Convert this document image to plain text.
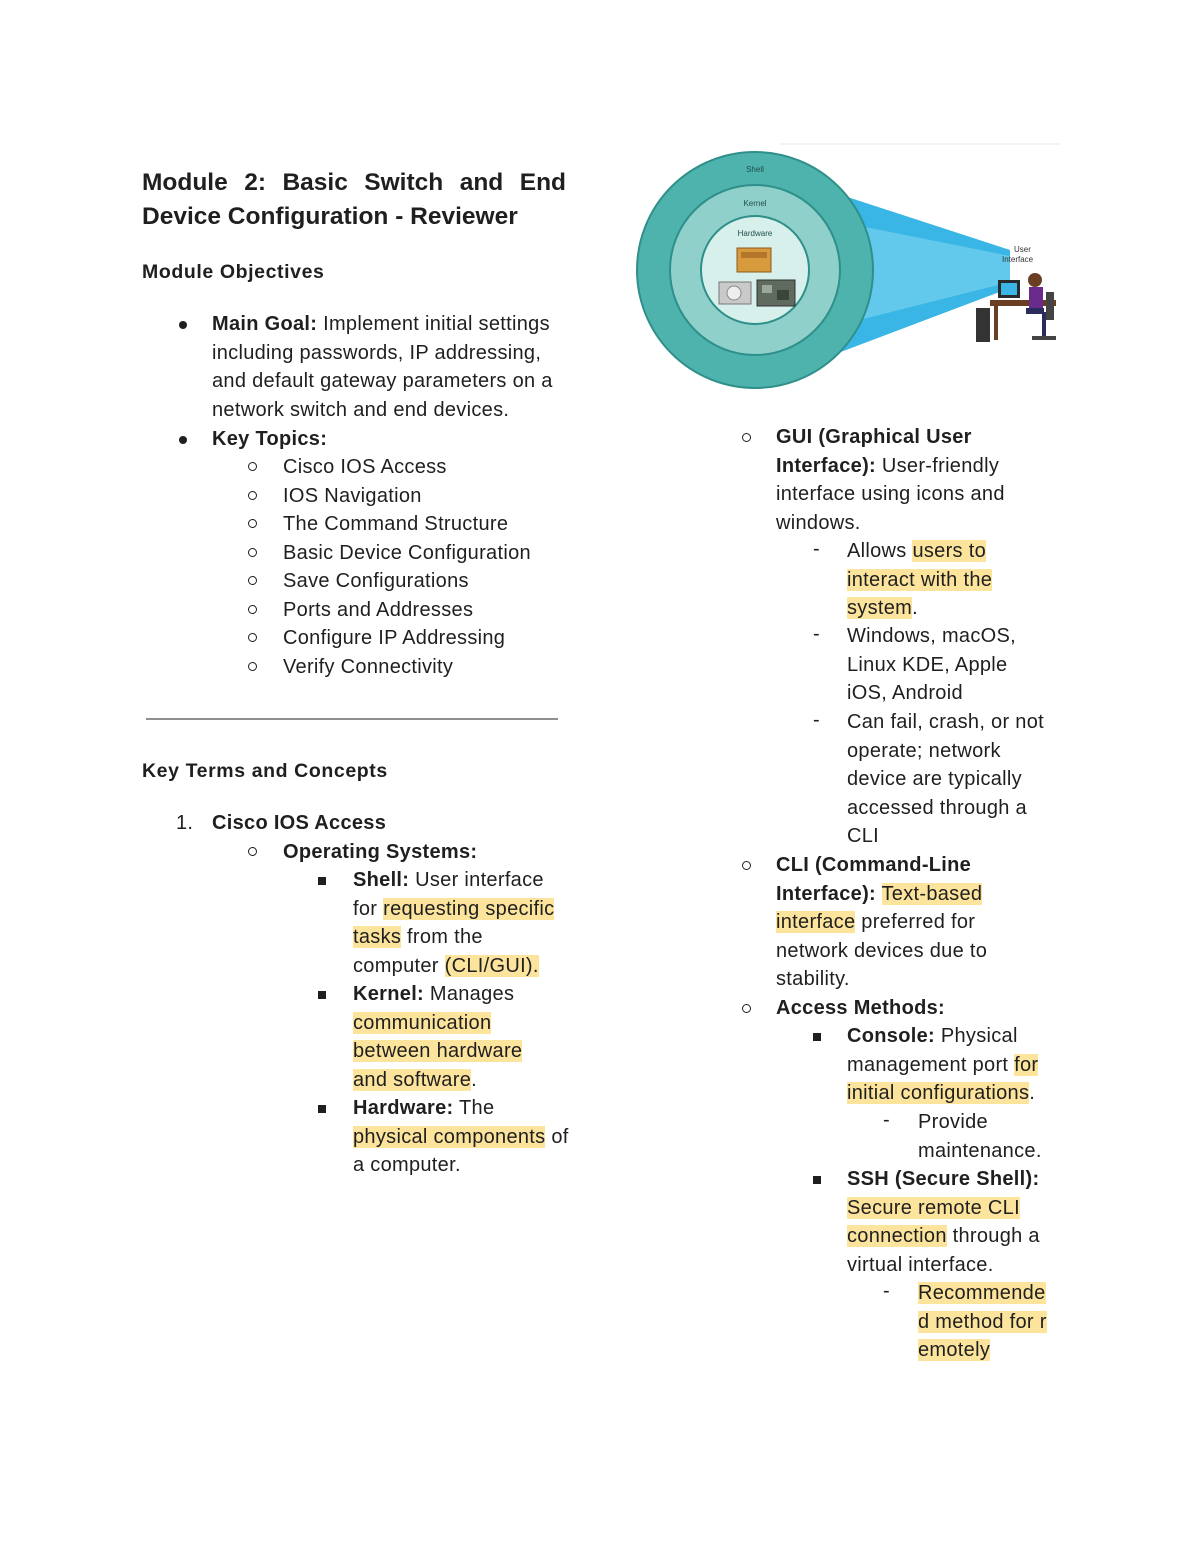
Module 2: Basic Switch and End Device Configuration - Reviewer
Module Objectives
Main Goal: Implement initial settings including passwords, IP addressing, and default gateway parameters on a network switch and end devices.
Key Topics:
Cisco IOS Access
IOS Navigation
The Command Structure
Basic Device Configuration
Save Configurations
Ports and Addresses
Configure IP Addressing
Verify Connectivity
Key Terms and Concepts
1. Cisco IOS Access
Operating Systems:
Shell: User interface for requesting specific tasks from the computer (CLI/GUI).
Kernel: Manages communication between hardware and software.
Hardware: The physical components of a computer.
Shell
Kernel
Hardware
User
Interface
GUI (Graphical User Interface): User-friendly interface using icons and windows.
- Allows users to interact with the system.
- Windows, macOS, Linux KDE, Apple iOS, Android
- Can fail, crash, or not operate; network device are typically accessed through a CLI
CLI (Command-Line Interface): Text-based interface preferred for network devices due to stability.
Access Methods:
Console: Physical management port for initial configurations.
- Provide maintenance.
SSH (Secure Shell): Secure remote CLI connection through a virtual interface.
- Recommended method for remotely
